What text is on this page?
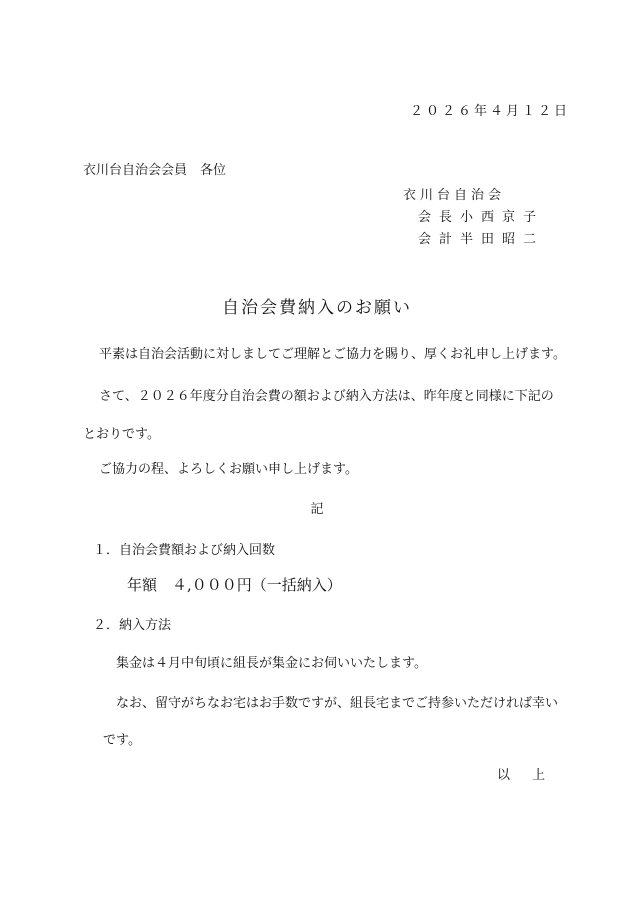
２０２６年４月１２日
衣川台自治会会員　各位
衣川台自治会
会長小西京子
会計半田昭二
自治会費納入のお願い
平素は自治会活動に対しましてご理解とご協力を賜り、厚くお礼申し上げます。
さて、２０２６年度分自治会費の額および納入方法は、昨年度と同様に下記の
とおりです。
ご協力の程、よろしくお願い申し上げます。
記
１．自治会費額および納入回数
年額　４,０００円（一括納入）
２．納入方法
集金は４月中旬頃に組長が集金にお伺いいたします。
なお、留守がちなお宅はお手数ですが、組長宅までご持参いただければ幸い
です。
以上
